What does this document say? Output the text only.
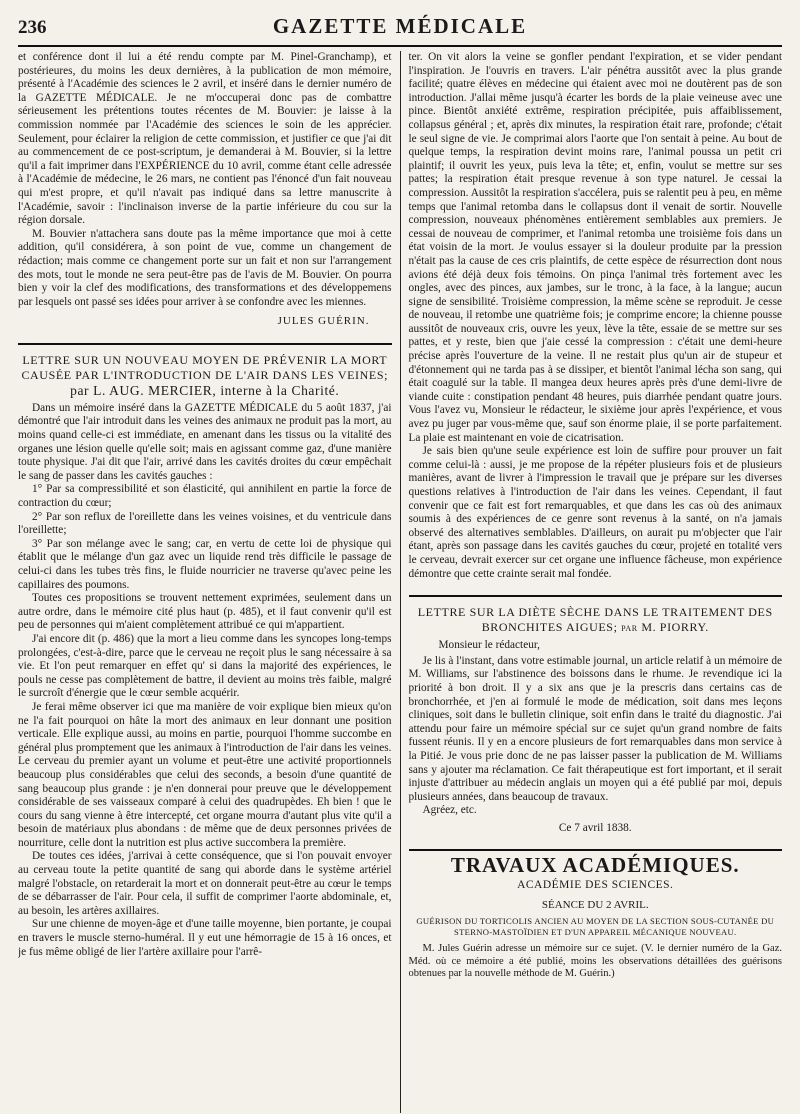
236	GAZETTE MÉDICALE

et conférence dont il lui a été rendu compte par M. Pinel-Granchamp), et postérieures, du moins les deux dernières, à la publication de mon mémoire, présenté à l'Académie des sciences le 2 avril, et inséré dans le dernier numéro de la GAZETTE MÉDICALE. Je ne m'occuperai donc pas de combattre sérieusement les prétentions toutes récentes de M. Bouvier: je laisse à la commission nommée par l'Académie des sciences le soin de les apprécier. Seulement, pour éclairer la religion de cette commission, et justifier ce que j'ai dit au commencement de ce post-scriptum, je demanderai à M. Bouvier, si la lettre qu'il a fait imprimer dans l'EXPÉRIENCE du 10 avril, comme étant celle adressée à l'Académie de médecine, le 26 mars, ne contient pas l'énoncé d'un fait nouveau qui m'est propre, et qu'il n'avait pas indiqué dans sa lettre manuscrite à l'Académie, savoir : l'inclinaison inverse de la partie inférieure du cou sur la région dorsale.

M. Bouvier n'attachera sans doute pas la même importance que moi à cette addition, qu'il considérera, à son point de vue, comme un changement de rédaction; mais comme ce changement porte sur un fait et non sur l'arrangement des mots, tout le monde ne sera peut-être pas de l'avis de M. Bouvier. On pourra bien y voir la clef des modifications, des transformations et des développemens par lesquels ont passé ses idées pour arriver à se confondre avec les miennes.

JULES GUÉRIN.
LETTRE SUR UN NOUVEAU MOYEN DE PRÉVENIR LA MORT
CAUSÉE PAR L'INTRODUCTION DE L'AIR DANS LES VEINES;
par L. AUG. MERCIER, interne à la Charité.

Dans un mémoire inséré dans la GAZETTE MÉDICALE du 5 août 1837, j'ai démontré que l'air introduit dans les veines des animaux ne produit pas la mort, au moins quand celle-ci est immédiate, en amenant dans les tissus ou la vitalité des organes une lésion quelle qu'elle soit; mais en agissant comme gaz, d'une manière toute physique. J'ai dit que l'air, arrivé dans les cavités droites du cœur empêchait le sang de passer dans les cavités gauches :

1° Par sa compressibilité et son élasticité, qui annihilent en partie la force de contraction du cœur;

2° Par son reflux de l'oreillette dans les veines voisines, et du ventricule dans l'oreillette;

3° Par son mélange avec le sang; car, en vertu de cette loi de physique qui établit que le mélange d'un gaz avec un liquide rend très difficile le passage de celui-ci dans les tubes très fins, le fluide nourricier ne traverse qu'avec peine les capillaires des poumons.

Toutes ces propositions se trouvent nettement exprimées, seulement dans un autre ordre, dans le mémoire cité plus haut (p. 485), et il faut convenir qu'il est peu de personnes qui m'aient complètement attribué ce qui m'appartient.

J'ai encore dit (p. 486) que la mort a lieu comme dans les syncopes long-temps prolongées, c'est-à-dire, parce que le cerveau ne reçoit plus le sang nécessaire à sa vie. Et l'on peut remarquer en effet qu' si dans la majorité des expériences, le pouls ne cesse pas complètement de battre, il devient au moins très faible, malgré le surcroît d'énergie que le cœur semble acquérir.

Je ferai même observer ici que ma manière de voir explique bien mieux qu'on ne l'a fait pourquoi on hâte la mort des animaux en leur donnant une position verticale. Elle explique aussi, au moins en partie, pourquoi l'homme succombe en général plus promptement que les animaux à l'introduction de l'air dans les veines. Le cerveau du premier ayant un volume et peut-être une activité proportionnels beaucoup plus considérables que celui des seconds, a besoin d'une quantité de sang beaucoup plus grande : je n'en donnerai pour preuve que le développement considérable de ses vaisseaux comparé à celui des quadrupèdes. Eh bien ! que le cours du sang vienne à être intercepté, cet organe mourra d'autant plus vite qu'il a besoin de matériaux plus abondans : de même que de deux personnes privées de nourriture, celle dont la nutrition est plus active succombera la première.

De toutes ces idées, j'arrivai à cette conséquence, que si l'on pouvait envoyer au cerveau toute la petite quantité de sang qui aborde dans le système artériel malgré l'obstacle, on retarderait la mort et on donnerait peut-être au cœur le temps de se débarrasser de l'air. Pour cela, il suffit de comprimer l'aorte abdominale, et, au besoin, les artères axillaires.

Sur une chienne de moyen-âge et d'une taille moyenne, bien portante, je coupai en travers le muscle sterno-huméral. Il y eut une hémorragie de 15 à 16 onces, et je fus même obligé de lier l'artère axillaire pour l'arrê-

ter. On vit alors la veine se gonfler pendant l'expiration, et se vider pendant l'inspiration. Je l'ouvris en travers. L'air pénétra aussitôt avec la plus grande facilité; quatre élèves en médecine qui étaient avec moi ne doutèrent pas de son introduction. J'allai même jusqu'à écarter les bords de la plaie veineuse avec une pince. Bientôt anxiété extrême, respiration précipitée, puis affaiblissement, collapsus général ; et, après dix minutes, la respiration était rare, profonde; c'était le seul signe de vie. Je comprimai alors l'aorte que l'on sentait à peine. Au bout de quelque temps, la respiration devint moins rare, l'animal poussa un petit cri plaintif; il ouvrit les yeux, puis leva la tête; et, enfin, voulut se mettre sur ses pattes; la respiration était presque revenue à son type naturel. Je cessai la compression. Aussitôt la respiration s'accélera, puis se ralentit peu à peu, en même temps que l'animal retomba dans le collapsus dont il venait de sortir. Nouvelle compression, nouveaux phénomènes entièrement semblables aux premiers. Je cessai de nouveau de comprimer, et l'animal retomba une troisième fois dans un état voisin de la mort. Je voulus essayer si la douleur produite par la pression n'était pas la cause de ces cris plaintifs, de cette espèce de résurrection dont nous avions été déjà deux fois témoins. On pinça l'animal très fortement avec les ongles, avec des pinces, aux jambes, sur le tronc, à la face, à la langue; aucun signe de sensibilité. Troisième compression, la même scène se reproduit. Je cesse de nouveau, il retombe une quatrième fois; je comprime encore; la chienne pousse aussitôt de nouveaux cris, ouvre les yeux, lève la tête, essaie de se mettre sur ses pattes, et y reste, bien que j'aie cessé la compression : c'était une demi-heure précise après l'ouverture de la veine. Il ne restait plus qu'un air de stupeur et d'étonnement qui ne tarda pas à se dissiper, et bientôt l'animal lécha son sang, qui était coagulé sur la table. Il mangea deux heures après près d'une demi-livre de viande cuite : constipation pendant 48 heures, puis diarrhée pendant quatre jours. Vous l'avez vu, Monsieur le rédacteur, le sixième jour après l'expérience, et vous avez pu juger par vous-même que, sauf son énorme plaie, il se porte parfaitement. La plaie est maintenant en voie de cicatrisation.

Je sais bien qu'une seule expérience est loin de suffire pour prouver un fait comme celui-là : aussi, je me propose de la répéter plusieurs fois et de plusieurs manières, avant de livrer à l'impression le travail que je prépare sur les diverses questions relatives à l'introduction de l'air dans les veines. Cependant, il faut convenir que ce fait est fort remarquables, et que dans les cas où des animaux soumis à des expériences de ce genre sont revenus à la santé, on n'a jamais observé des alternatives semblables. D'ailleurs, on aurait pu m'objecter que l'air étant, après son passage dans les cavités gauches du cœur, projeté en totalité vers le cerveau, devrait exercer sur cet organe une influence fâcheuse, mon expérience démontre que cette crainte serait mal fondée.

LETTRE SUR LA DIÈTE SÈCHE DANS LE TRAITEMENT DES
BRONCHITES AIGUES; par M. PIORRY.

Monsieur le rédacteur,

Je lis à l'instant, dans votre estimable journal, un article relatif à un mémoire de M. Williams, sur l'abstinence des boissons dans le rhume. Je revendique ici la priorité à bon droit. Il y a six ans que je la prescris dans certains cas de bronchorrhée, et j'en ai formulé le mode de médication, soit dans mes leçons cliniques, soit dans le bulletin clinique, soit enfin dans le traité du diagnostic. J'ai attendu pour faire un mémoire spécial sur ce sujet qu'un grand nombre de faits fussent réunis. Il y en a encore plusieurs de fort remarquables dans mon service à la Pitié. Je vous prie donc de ne pas laisser passer la publication de M. Williams sans y ajouter ma réclamation. Ce fait thérapeutique est fort important, et il serait injuste d'attribuer au médecin anglais un moyen qui a été publié par moi, depuis plusieurs années, dans beaucoup de travaux.

Agréez, etc.

Ce 7 avril 1838.
TRAVAUX ACADÉMIQUES.
ACADÉMIE DES SCIENCES.
SÉANCE DU 2 AVRIL.
GUÉRISON DU TORTICOLIS ANCIEN AU MOYEN DE LA SECTION SOUS-CUTANÉE DU STERNO-MASTOÏDIEN ET D'UN APPAREIL MÉCANIQUE NOUVEAU.

M. Jules Guérin adresse un mémoire sur ce sujet. (V. le dernier numéro de la Gaz. Méd. où ce mémoire a été publié, moins les observations détaillées des guérisons obtenues par la nouvelle méthode de M. Guérin.)
